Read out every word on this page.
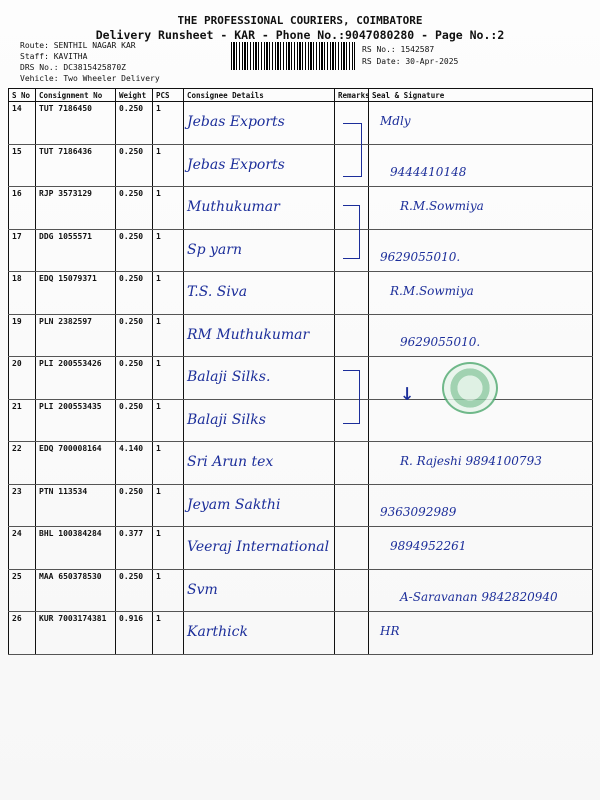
THE PROFESSIONAL COURIERS, COIMBATORE
Delivery Runsheet - KAR - Phone No.:9047080280 - Page No.:2
Route: SENTHIL NAGAR KAR
Staff: KAVITHA
DRS No.: DC3815425870Z
Vehicle: Two Wheeler Delivery
RS No.: 1542587
RS Date: 30-Apr-2025
S No	Consignment No	Weight	PCS	Consignee Details	Remarks	Seal & Signature
14	TUT 7186450	0.250	1	Jebas Exports		Mdly

15	TUT 7186436	0.250	1	Jebas Exports		9444410148

16	RJP 3573129	0.250	1	Muthukumar		R.M.Sowmiya

17	DDG 1055571	0.250	1	Sp yarn		9629055010.

18	EDQ 15079371	0.250	1	T.S. Siva		R.M.Sowmiya

19	PLN 2382597	0.250	1	RM Muthukumar		9629055010.

20	PLI 200553426	0.250	1	Balaji Silks.		

21	PLI 200553435	0.250	1	Balaji Silks		

22	EDQ 700008164	4.140	1	Sri Arun tex		R. Rajeshi 9894100793

23	PTN 113534	0.250	1	Jeyam Sakthi		9363092989

24	BHL 100384284	0.377	1	Veeraj International		9894952261

25	MAA 650378530	0.250	1	Svm		A-Saravanan 9842820940

26	KUR 7003174381	0.916	1	Karthick		HR
↓
